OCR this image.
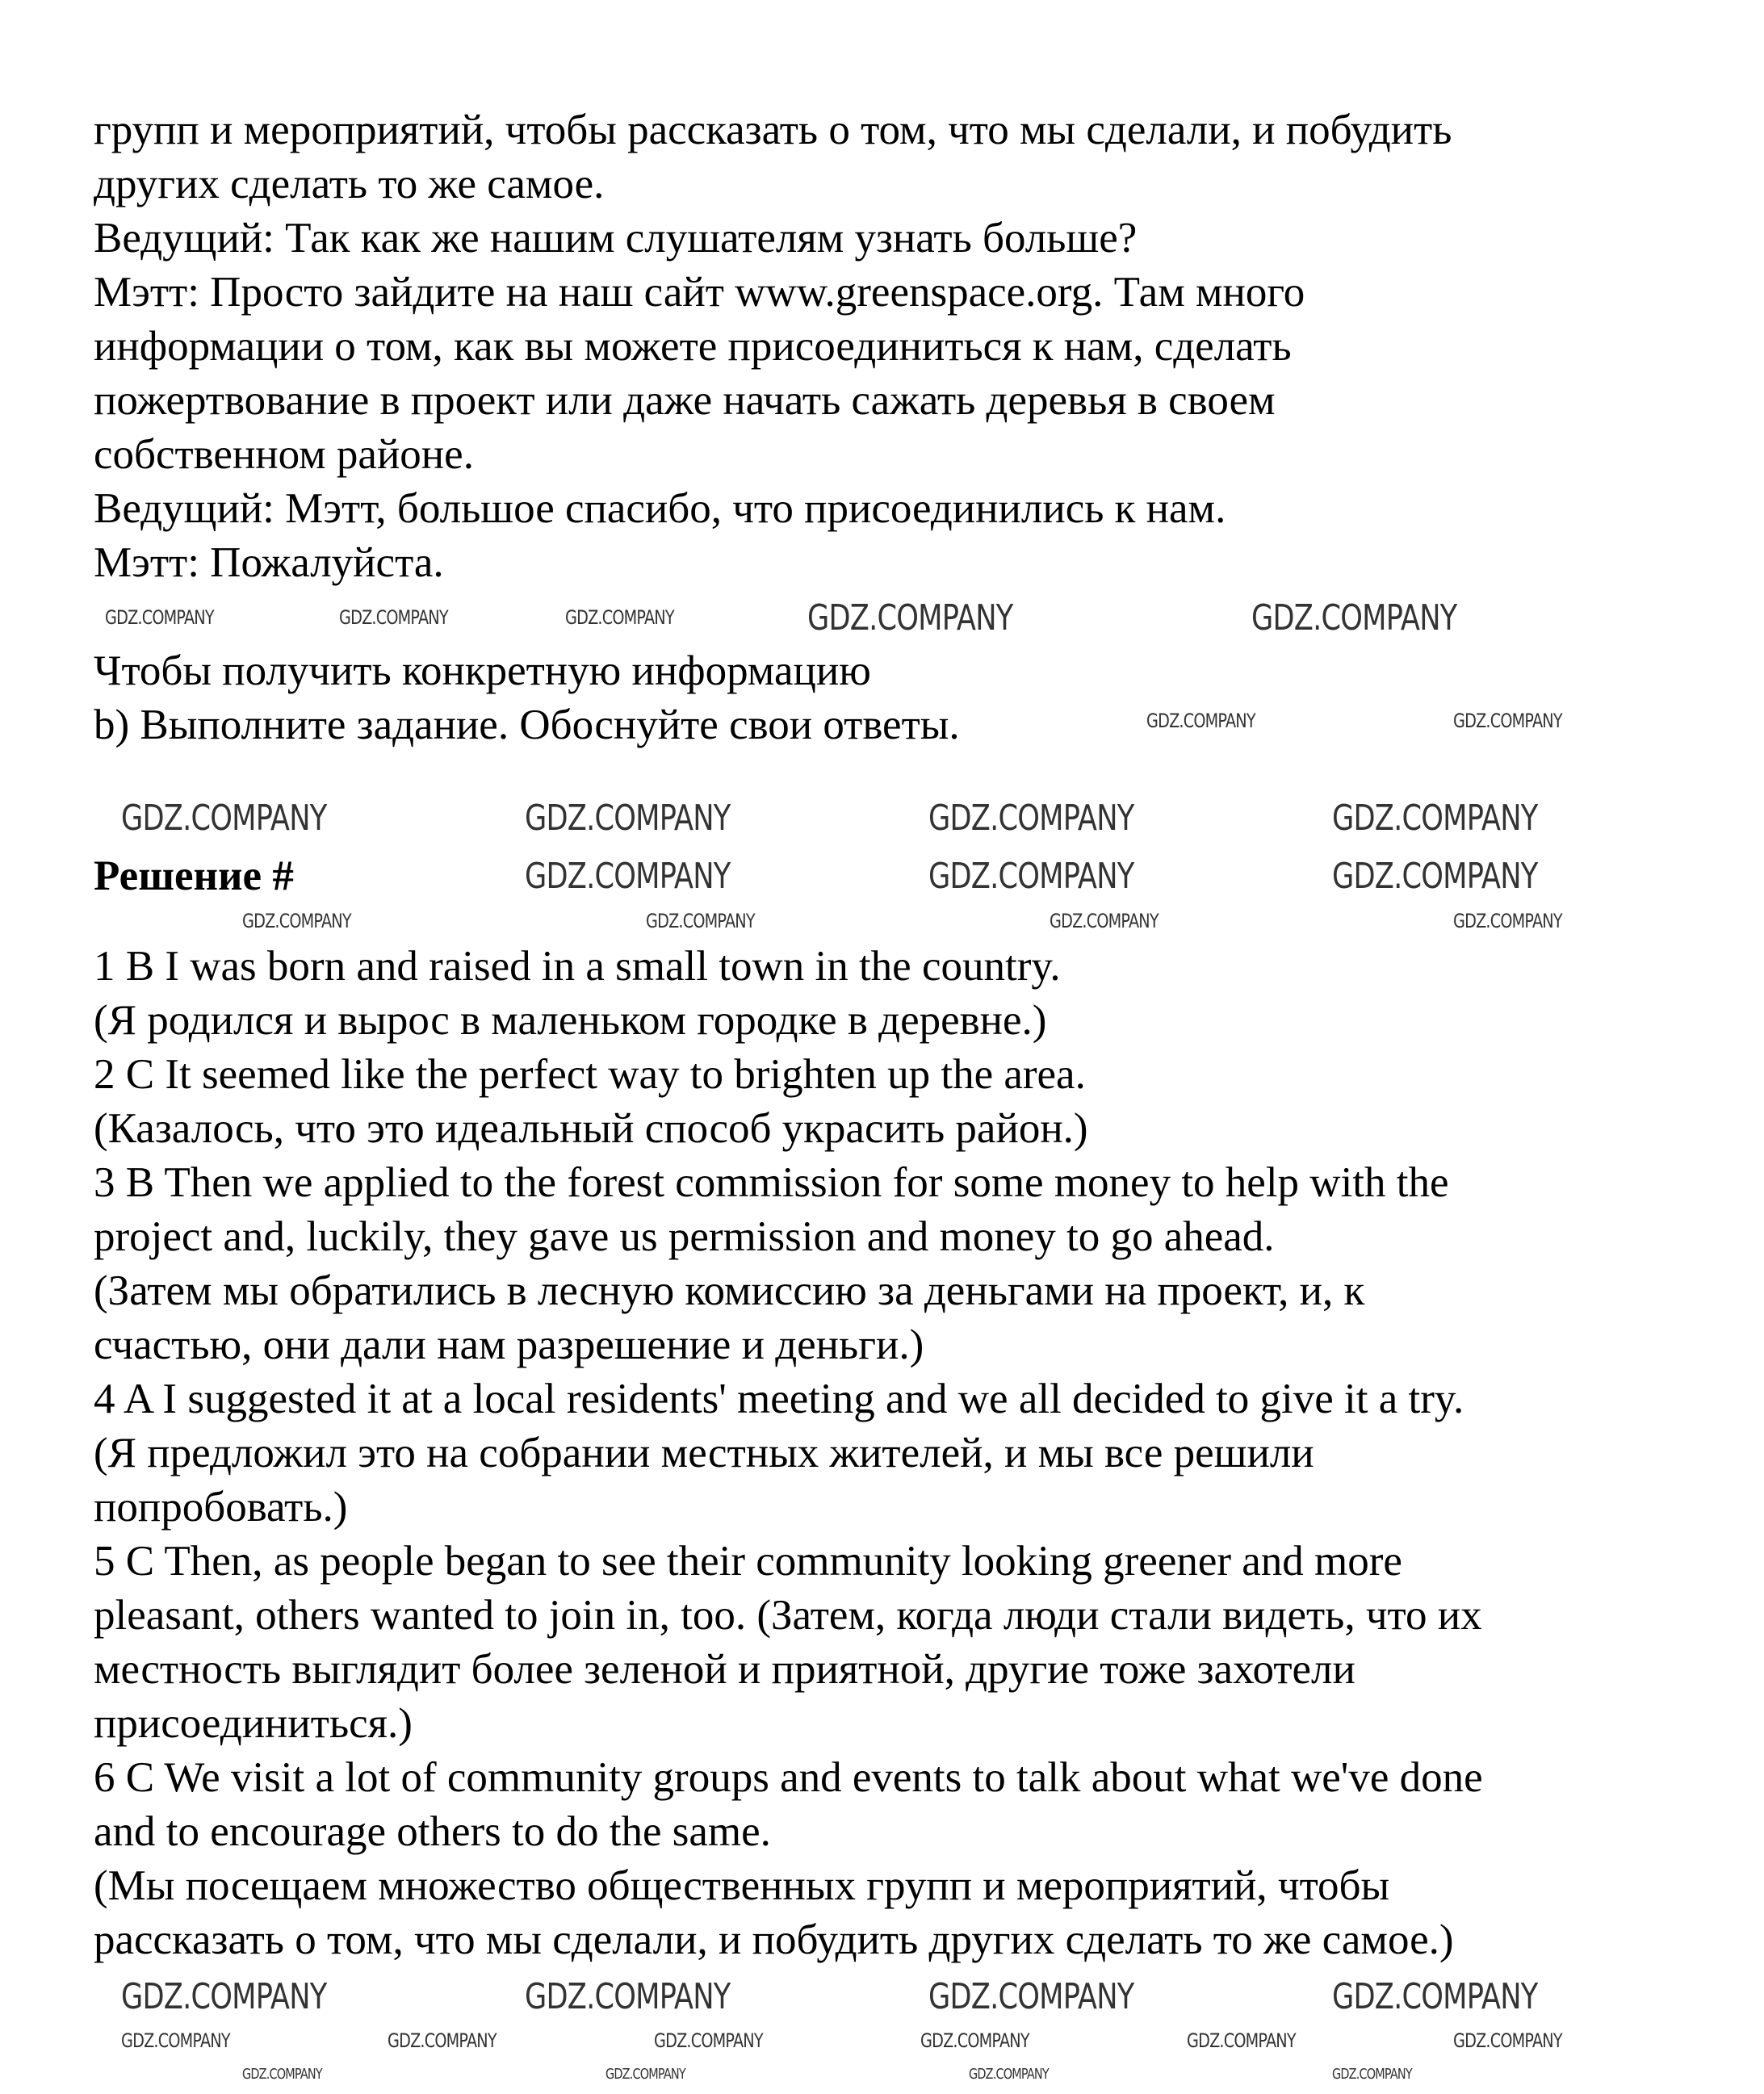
групп и мероприятий, чтобы рассказать о том, что мы сделали, и побудить
других сделать то же самое.
Ведущий: Так как же нашим слушателям узнать больше?
Мэтт: Просто зайдите на наш сайт www.greenspace.org. Там много
информации о том, как вы можете присоединиться к нам, сделать
пожертвование в проект или даже начать сажать деревья в своем
собственном районе.
Ведущий: Мэтт, большое спасибо, что присоединились к нам.
Мэтт: Пожалуйста.
Чтобы получить конкретную информацию
b) Выполните задание. Обоснуйте свои ответы.
Решение #
1 B I was born and raised in a small town in the country.
(Я родился и вырос в маленьком городке в деревне.)
2 C It seemed like the perfect way to brighten up the area.
(Казалось, что это идеальный способ украсить район.)
3 B Then we applied to the forest commission for some money to help with the
project and, luckily, they gave us permission and money to go ahead.
(Затем мы обратились в лесную комиссию за деньгами на проект, и, к
счастью, они дали нам разрешение и деньги.)
4 A I suggested it at a local residents' meeting and we all decided to give it a try.
(Я предложил это на собрании местных жителей, и мы все решили
попробовать.)
5 C Then, as people began to see their community looking greener and more
pleasant, others wanted to join in, too. (Затем, когда люди стали видеть, что их
местность выглядит более зеленой и приятной, другие тоже захотели
присоединиться.)
6 C We visit a lot of community groups and events to talk about what we've done
and to encourage others to do the same.
(Мы посещаем множество общественных групп и мероприятий, чтобы
рассказать о том, что мы сделали, и побудить других сделать то же самое.)
GDZ.COMPANY	GDZ.COMPANY
GDZ.COMPANY	GDZ.COMPANY	GDZ.COMPANY
GDZ.COMPANY	GDZ.COMPANY
GDZ.COMPANY	GDZ.COMPANY	GDZ.COMPANY	GDZ.COMPANY
GDZ.COMPANY	GDZ.COMPANY	GDZ.COMPANY
GDZ.COMPANY	GDZ.COMPANY	GDZ.COMPANY	GDZ.COMPANY
GDZ.COMPANY	GDZ.COMPANY	GDZ.COMPANY	GDZ.COMPANY
GDZ.COMPANY	GDZ.COMPANY	GDZ.COMPANY	GDZ.COMPANY	GDZ.COMPANY	GDZ.COMPANY
GDZ.COMPANY	GDZ.COMPANY	GDZ.COMPANY	GDZ.COMPANY
